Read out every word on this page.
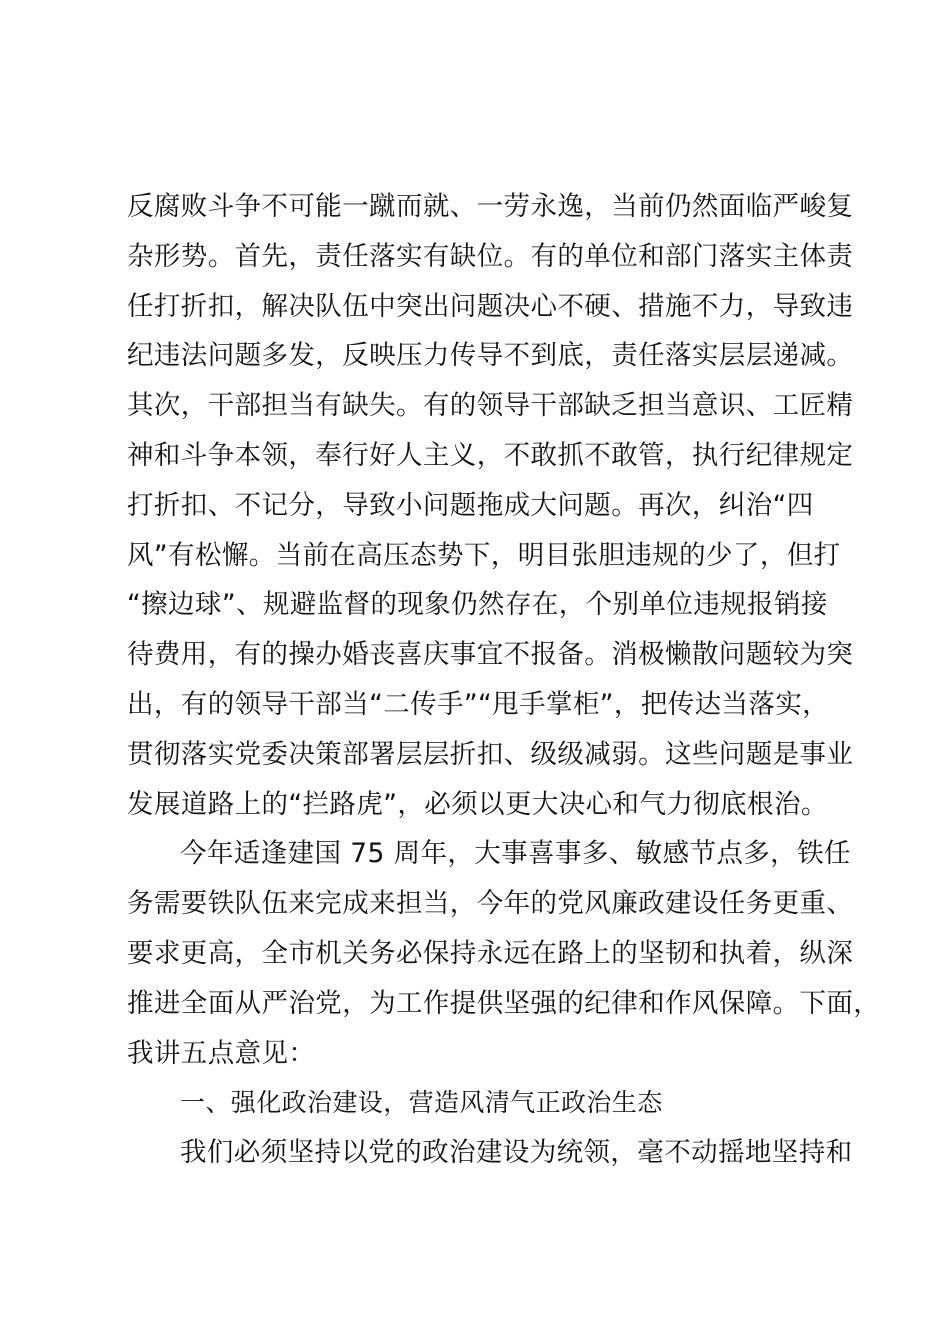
反腐败斗争不可能一蹴而就、一劳永逸，当前仍然面临严峻复
杂形势。首先，责任落实有缺位。有的单位和部门落实主体责
任打折扣，解决队伍中突出问题决心不硬、措施不力，导致违
纪违法问题多发，反映压力传导不到底，责任落实层层递减。
其次，干部担当有缺失。有的领导干部缺乏担当意识、工匠精
神和斗争本领，奉行好人主义，不敢抓不敢管，执行纪律规定
打折扣、不记分，导致小问题拖成大问题。再次，纠治“四
风”有松懈。当前在高压态势下，明目张胆违规的少了，但打
“擦边球”、规避监督的现象仍然存在，个别单位违规报销接
待费用，有的操办婚丧喜庆事宜不报备。消极懒散问题较为突
出，有的领导干部当“二传手”“甩手掌柜”，把传达当落实，
贯彻落实党委决策部署层层折扣、级级减弱。这些问题是事业
发展道路上的“拦路虎”，必须以更大决心和气力彻底根治。
今年适逢建国 75 周年，大事喜事多、敏感节点多，铁任
务需要铁队伍来完成来担当，今年的党风廉政建设任务更重、
要求更高，全市机关务必保持永远在路上的坚韧和执着，纵深
推进全面从严治党，为工作提供坚强的纪律和作风保障。下面，
我讲五点意见：
一、强化政治建设，营造风清气正政治生态
我们必须坚持以党的政治建设为统领，毫不动摇地坚持和
